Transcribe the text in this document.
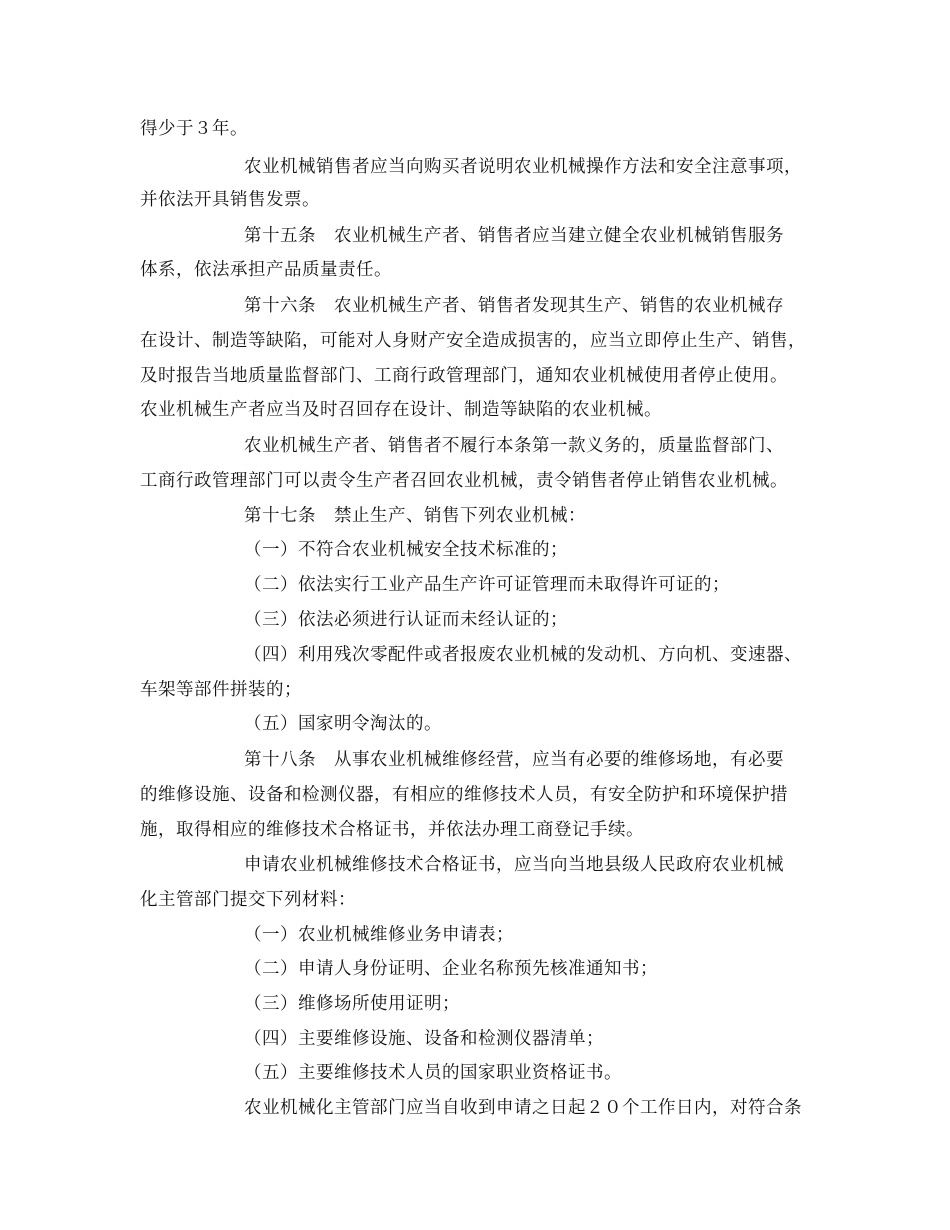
得少于３年。
农业机械销售者应当向购买者说明农业机械操作方法和安全注意事项，
并依法开具销售发票。
第十五条　农业机械生产者、销售者应当建立健全农业机械销售服务
体系，依法承担产品质量责任。
第十六条　农业机械生产者、销售者发现其生产、销售的农业机械存
在设计、制造等缺陷，可能对人身财产安全造成损害的，应当立即停止生产、销售，
及时报告当地质量监督部门、工商行政管理部门，通知农业机械使用者停止使用。
农业机械生产者应当及时召回存在设计、制造等缺陷的农业机械。
农业机械生产者、销售者不履行本条第一款义务的，质量监督部门、
工商行政管理部门可以责令生产者召回农业机械，责令销售者停止销售农业机械。
第十七条　禁止生产、销售下列农业机械：
（一）不符合农业机械安全技术标准的；
（二）依法实行工业产品生产许可证管理而未取得许可证的；
（三）依法必须进行认证而未经认证的；
（四）利用残次零配件或者报废农业机械的发动机、方向机、变速器、
车架等部件拼装的；
（五）国家明令淘汰的。
第十八条　从事农业机械维修经营，应当有必要的维修场地，有必要
的维修设施、设备和检测仪器，有相应的维修技术人员，有安全防护和环境保护措
施，取得相应的维修技术合格证书，并依法办理工商登记手续。
申请农业机械维修技术合格证书，应当向当地县级人民政府农业机械
化主管部门提交下列材料：
（一）农业机械维修业务申请表；
（二）申请人身份证明、企业名称预先核准通知书；
（三）维修场所使用证明；
（四）主要维修设施、设备和检测仪器清单；
（五）主要维修技术人员的国家职业资格证书。
农业机械化主管部门应当自收到申请之日起２０个工作日内，对符合条
